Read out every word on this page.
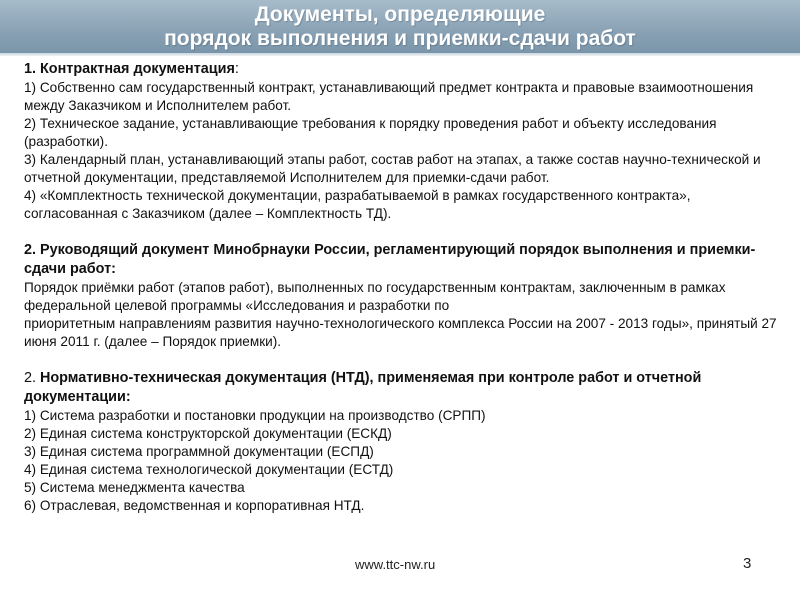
Документы, определяющие
порядок выполнения и приемки-сдачи работ
1. Контрактная документация:
1) Собственно сам государственный контракт, устанавливающий предмет контракта и правовые взаимоотношения между Заказчиком и Исполнителем работ.
2) Техническое задание, устанавливающие требования к порядку проведения работ и объекту исследования (разработки).
3) Календарный план, устанавливающий этапы работ, состав работ на этапах, а также состав научно-технической и отчетной документации, представляемой Исполнителем для приемки-сдачи работ.
4) «Комплектность технической документации, разрабатываемой в рамках государственного контракта», согласованная с Заказчиком (далее – Комплектность ТД).
2. Руководящий документ Минобрнауки России, регламентирующий порядок выполнения и приемки-сдачи работ:
Порядок приёмки работ (этапов работ), выполненных по государственным контрактам, заключенным в рамках федеральной целевой программы «Исследования и разработки по
приоритетным направлениям развития научно-технологического комплекса России на 2007 - 2013 годы», принятый 27 июня 2011 г. (далее – Порядок приемки).
2. Нормативно-техническая документация (НТД), применяемая при контроле работ и отчетной документации:
1) Система разработки и постановки продукции на производство (СРПП)
2) Единая система конструкторской документации (ЕСКД)
3) Единая система программной документации (ЕСПД)
4) Единая система технологической документации (ЕСТД)
5) Система менеджмента качества
6) Отраслевая, ведомственная и корпоративная НТД.
www.ttc-nw.ru	3
